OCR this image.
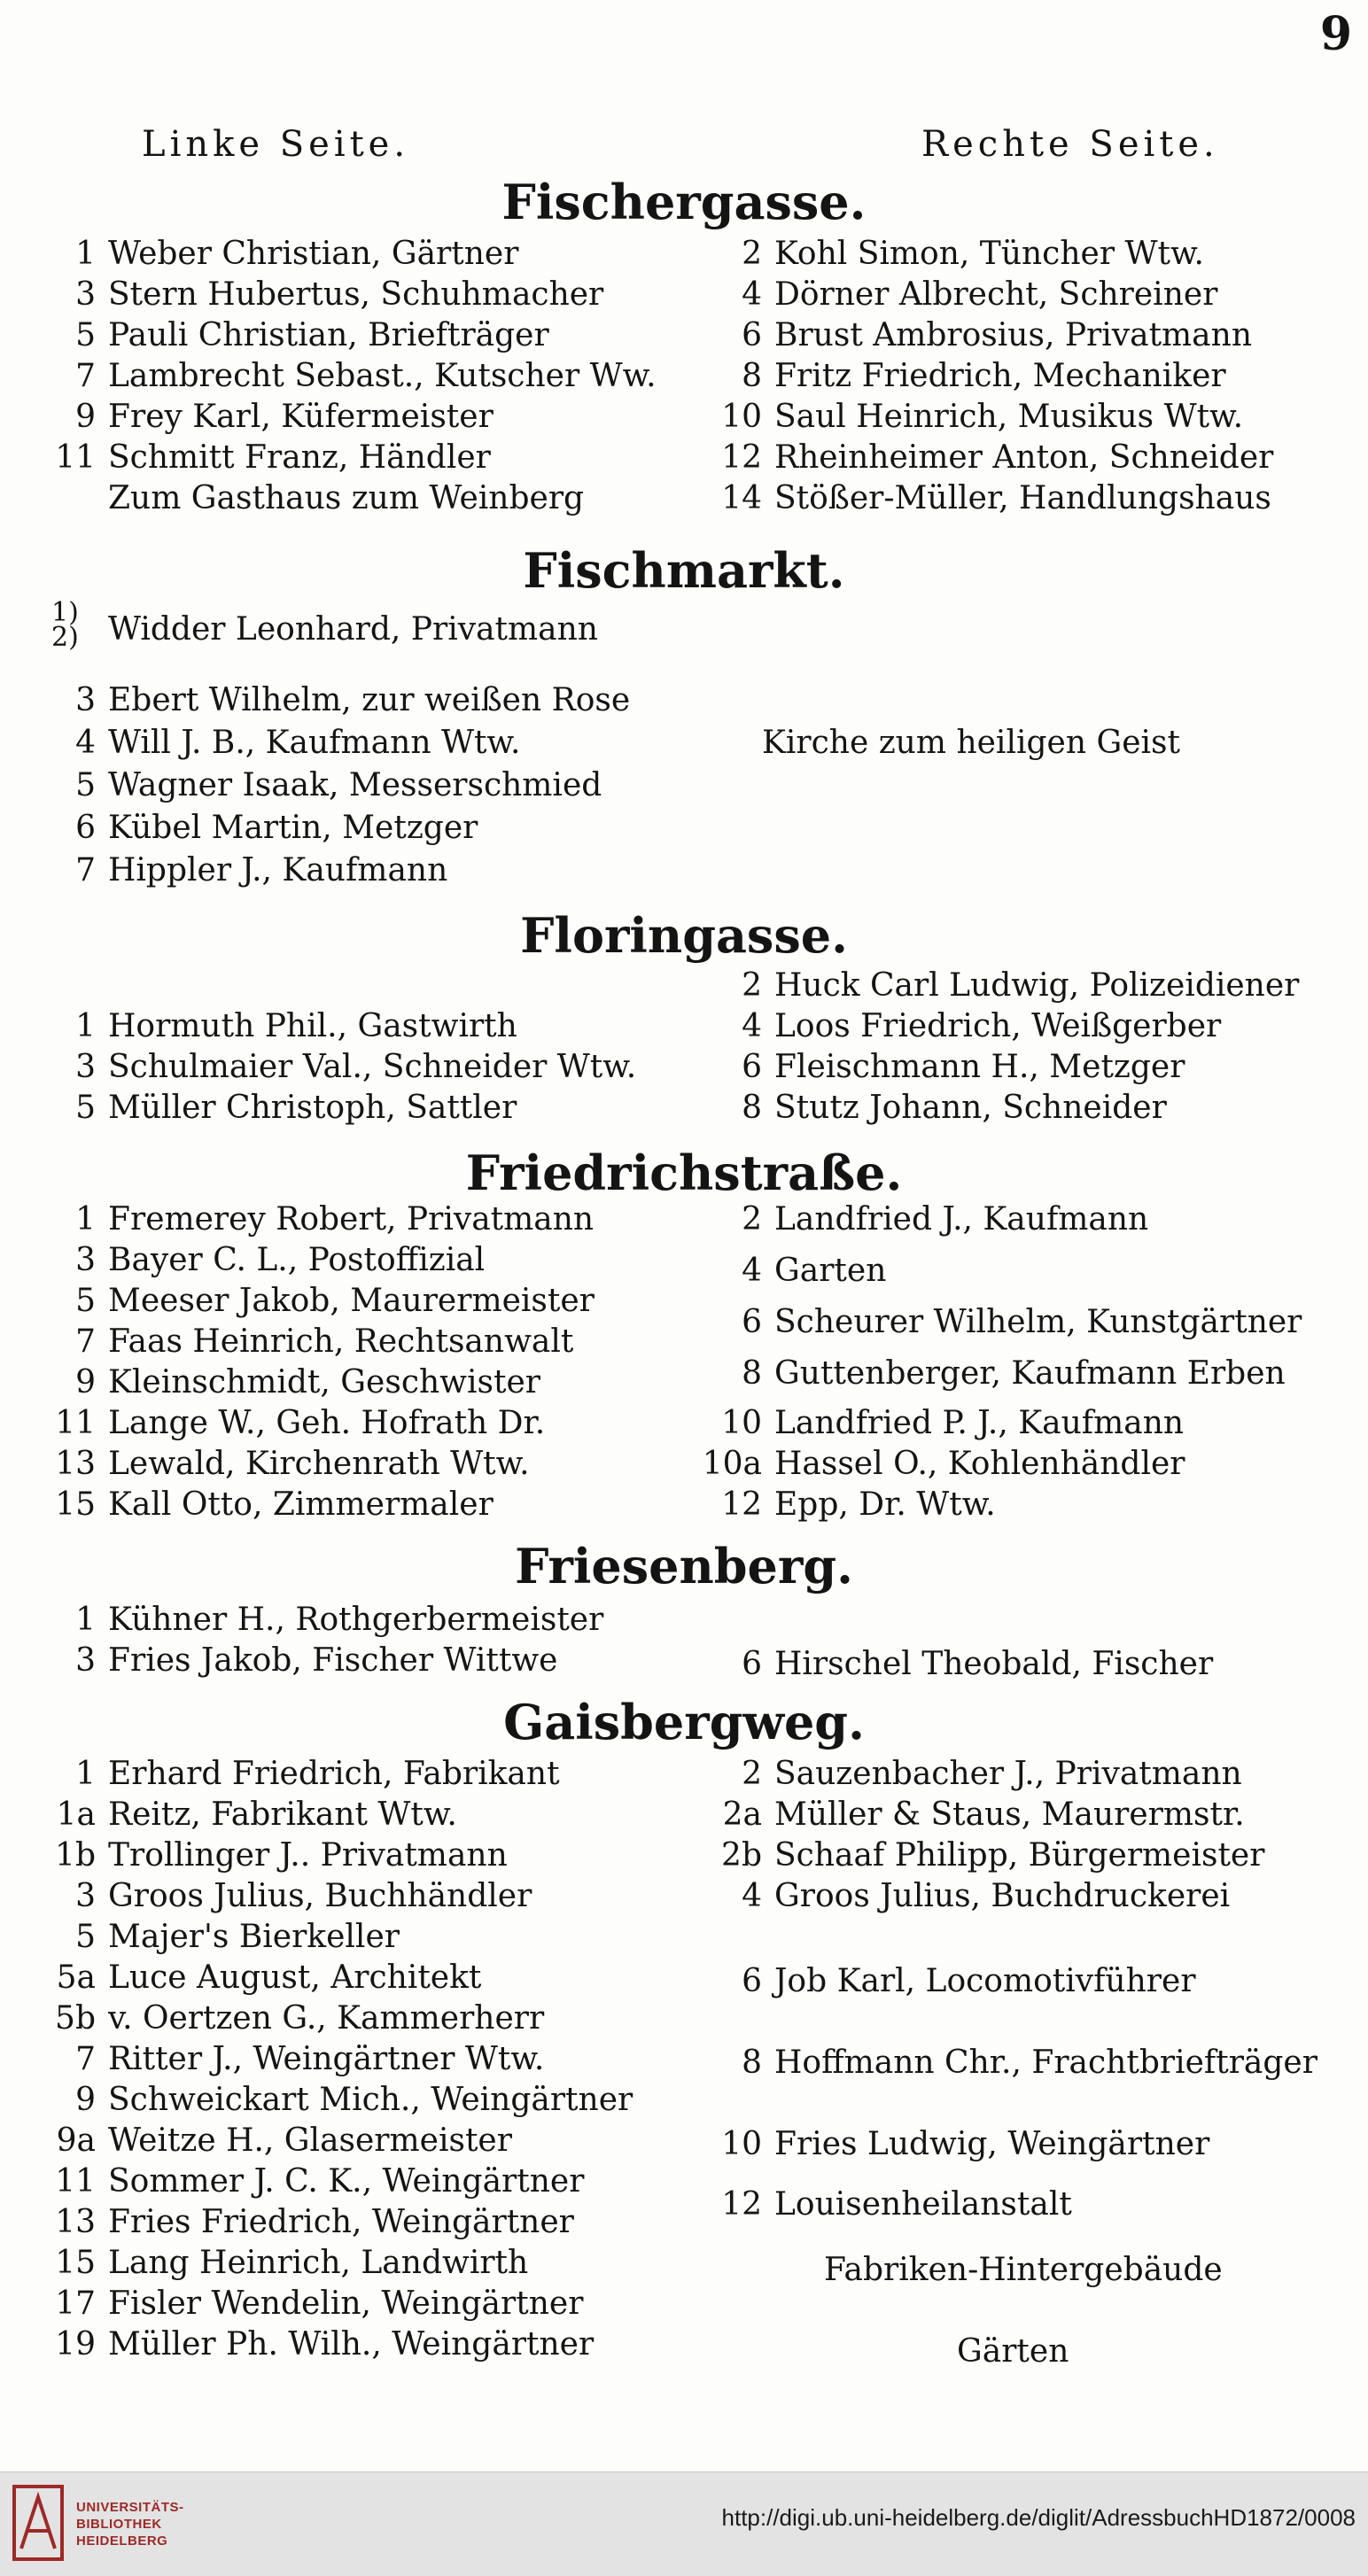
9
Linke Seite.	Rechte Seite.
Fischergasse.
1 Weber Christian, Gärtner
3 Stern Hubertus, Schuhmacher
5 Pauli Christian, Briefträger
7 Lambrecht Sebast., Kutscher Ww.
9 Frey Karl, Küfermeister
11 Schmitt Franz, Händler
Zum Gasthaus zum Weinberg
2 Kohl Simon, Tüncher Wtw.
4 Dörner Albrecht, Schreiner
6 Brust Ambrosius, Privatmann
8 Fritz Friedrich, Mechaniker
10 Saul Heinrich, Musikus Wtw.
12 Rheinheimer Anton, Schneider
14 Stößer-Müller, Handlungshaus
Fischmarkt.
1)
2) Widder Leonhard, Privatmann
3 Ebert Wilhelm, zur weißen Rose
4 Will J. B., Kaufmann Wtw.
5 Wagner Isaak, Messerschmied
6 Kübel Martin, Metzger
7 Hippler J., Kaufmann
Kirche zum heiligen Geist
Floringasse.
2 Huck Carl Ludwig, Polizeidiener
1 Hormuth Phil., Gastwirth	4 Loos Friedrich, Weißgerber
3 Schulmaier Val., Schneider Wtw.	6 Fleischmann H., Metzger
5 Müller Christoph, Sattler	8 Stutz Johann, Schneider
Friedrichstraße.
1 Fremerey Robert, Privatmann
3 Bayer C. L., Postoffizial
5 Meeser Jakob, Maurermeister
7 Faas Heinrich, Rechtsanwalt
9 Kleinschmidt, Geschwister
11 Lange W., Geh. Hofrath Dr.
13 Lewald, Kirchenrath Wtw.
15 Kall Otto, Zimmermaler
2 Landfried J., Kaufmann
4 Garten
6 Scheurer Wilhelm, Kunstgärtner
8 Guttenberger, Kaufmann Erben
10 Landfried P. J., Kaufmann
10a Hassel O., Kohlenhändler
12 Epp, Dr. Wtw.
Friesenberg.
1 Kühner H., Rothgerbermeister
3 Fries Jakob, Fischer Wittwe	6 Hirschel Theobald, Fischer
Gaisbergweg.
1 Erhard Friedrich, Fabrikant
1a Reitz, Fabrikant Wtw.
1b Trollinger J.. Privatmann
3 Groos Julius, Buchhändler
5 Majer's Bierkeller
5a Luce August, Architekt
5b v. Oertzen G., Kammerherr
7 Ritter J., Weingärtner Wtw.
9 Schweickart Mich., Weingärtner
9a Weitze H., Glasermeister
11 Sommer J. C. K., Weingärtner
13 Fries Friedrich, Weingärtner
15 Lang Heinrich, Landwirth
17 Fisler Wendelin, Weingärtner
19 Müller Ph. Wilh., Weingärtner
2 Sauzenbacher J., Privatmann
2a Müller & Staus, Maurermstr.
2b Schaaf Philipp, Bürgermeister
4 Groos Julius, Buchdruckerei
6 Job Karl, Locomotivführer
8 Hoffmann Chr., Frachtbriefträger
10 Fries Ludwig, Weingärtner
12 Louisenheilanstalt
Fabriken-Hintergebäude
Gärten
UNIVERSITÄTS-
BIBLIOTHEK
HEIDELBERG
http://digi.ub.uni-heidelberg.de/diglit/AdressbuchHD1872/0008
